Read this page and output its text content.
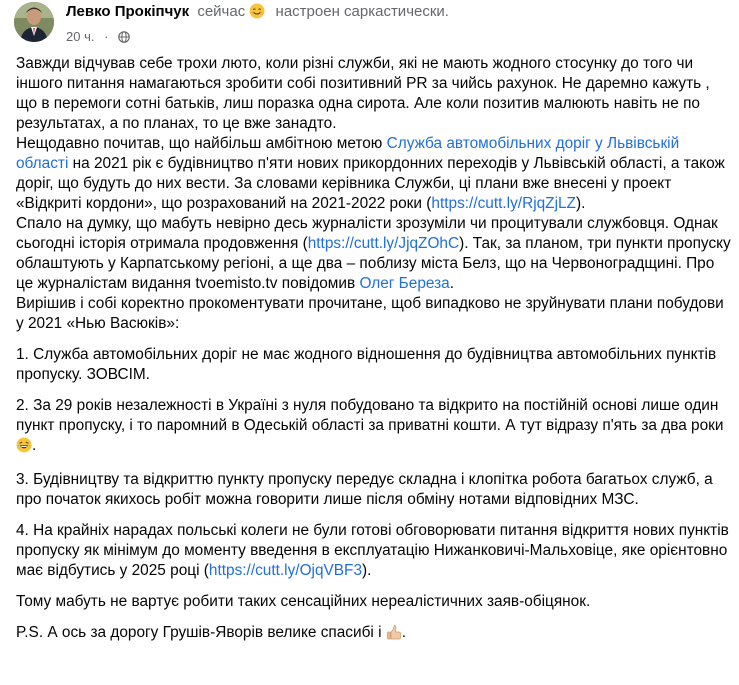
Левко Прокіпчук сейчас настроен саркастически.
20 ч. ·

Завжди відчував себе трохи люто, коли різні служби, які не мають жодного стосунку до того чи іншого питання намагаються зробити собі позитивний PR за чийсь рахунок. Не даремно кажуть , що в перемоги сотні батьків, лиш поразка одна сирота. Але коли позитив малюють навіть не по результатах, а по планах, то це вже занадто.

Нещодавно почитав, що найбільш амбітною метою Служба автомобільних доріг у Львівській області на 2021 рік є будівництво п'яти нових прикордонних переходів у Львівській області, а також доріг, що будуть до них вести. За словами керівника Служби, ці плани вже внесені у проект «Відкриті кордони», що розрахований на 2021-2022 роки (https://cutt.ly/RjqZjLZ).

Спало на думку, що мабуть невірно десь журналісти зрозуміли чи процитували службовця. Однак сьогодні історія отримала продовження (https://cutt.ly/JjqZOhC). Так, за планом, три пункти пропуску облаштують у Карпатському регіоні, а ще два – поблизу міста Белз, що на Червоноградщині. Про це журналістам видання tvoemisto.tv повідомив Олег Береза.

Вирішив і собі коректно прокоментувати прочитане, щоб випадково не зруйнувати плани побудови у 2021 «Нью Васюків»:

1. Служба автомобільних доріг не має жодного відношення до будівництва автомобільних пунктів пропуску. ЗОВСІМ.

2. За 29 років незалежності в Україні з нуля побудовано та відкрито на постійній основі лише один пункт пропуску, і то паромний в Одеській області за приватні кошти. А тут відразу п'ять за два роки .

3. Будівництву та відкриттю пункту пропуску передує складна і клопітка робота багатьох служб, а про початок якихось робіт можна говорити лише після обміну нотами відповідних МЗС.

4. На крайніх нарадах польські колеги не були готові обговорювати питання відкриття нових пунктів пропуску як мінімум до моменту введення в експлуатацію Нижанковичі-Мальховіце, яке орієнтовно має відбутись у 2025 році (https://cutt.ly/OjqVBF3).

Тому мабуть не вартує робити таких сенсаційних нереалістичних заяв-обіцянок.

P.S. А ось за дорогу Грушів-Яворів велике спасибі і .
